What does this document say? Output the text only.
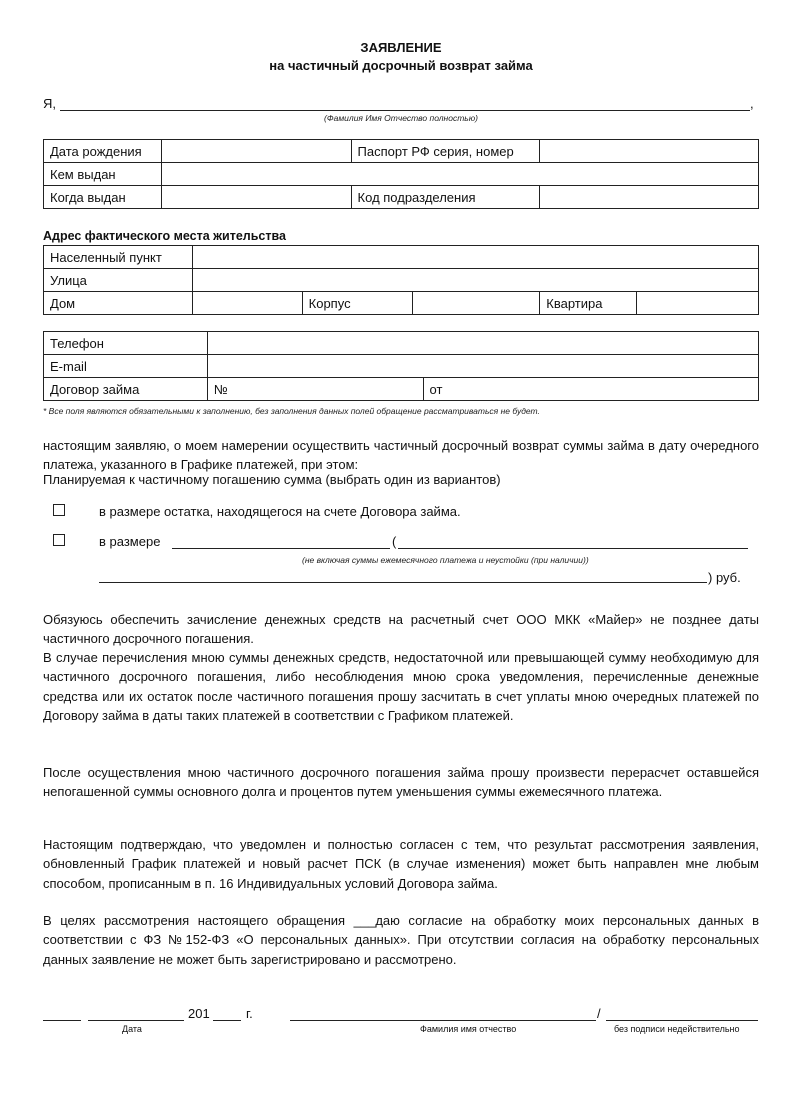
ЗАЯВЛЕНИЕ
на частичный досрочный возврат займа
Я,	,
(Фамилия Имя Отчество полностью)
Дата рождения		Паспорт РФ серия, номер	
Кем выдан			
Когда выдан		Код подразделения	
Адрес фактического места жительства
Населенный пункт					
Улица					
Дом		Корпус		Квартира	
Телефон		
E-mail		
Договор займа	№	от
* Все поля являются обязательными к заполнению, без заполнения данных полей обращение рассматриваться не будет.
настоящим заявляю, о моем намерении осуществить частичный досрочный возврат суммы займа в дату очередного платежа, указанного в Графике платежей, при этом:
Планируемая к частичному погашению сумма (выбрать один из вариантов)
в размере остатка, находящегося на счете Договора займа.
в размере	(
(не включая суммы ежемесячного платежа и неустойки (при наличии))
) руб.
Обязуюсь обеспечить зачисление денежных средств на расчетный счет ООО МКК «Майер» не позднее даты частичного досрочного погашения.
В случае перечисления мною суммы денежных средств, недостаточной или превышающей сумму необходимую для частичного досрочного погашения, либо несоблюдения мною срока уведомления, перечисленные денежные средства или их остаток после частичного погашения прошу засчитать в счет уплаты мною очередных платежей по Договору займа в даты таких платежей в соответствии с Графиком платежей.
После осуществления мною частичного досрочного погашения займа прошу произвести перерасчет оставшейся непогашенной суммы основного долга и процентов путем уменьшения суммы ежемесячного платежа.
Настоящим подтверждаю, что уведомлен и полностью согласен с тем, что результат рассмотрения заявления, обновленный График платежей и новый расчет ПСК (в случае изменения) может быть направлен мне любым способом, прописанным в п. 16 Индивидуальных условий Договора займа.
В целях рассмотрения настоящего обращения ___даю согласие на обработку моих персональных данных в соответствии с ФЗ №152-ФЗ «О персональных данных». При отсутствии согласия на обработку персональных данных заявление не может быть зарегистрировано и рассмотрено.
201	г.	/
Дата	Фамилия имя отчество	без подписи недействительно
